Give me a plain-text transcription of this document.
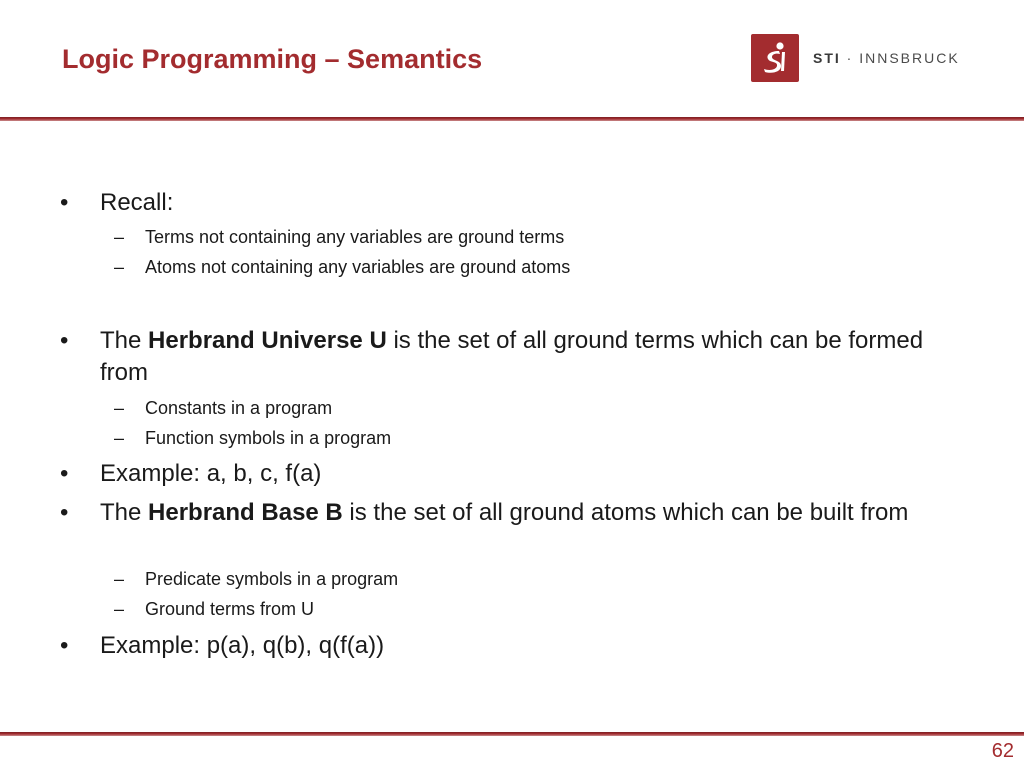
Logic Programming – Semantics	STI · INNSBRUCK
• Recall:
– Terms not containing any variables are ground terms
– Atoms not containing any variables are ground atoms
• The Herbrand Universe U is the set of all ground terms which can be formed from
– Constants in a program
– Function symbols in a program
• Example: a, b, c, f(a)
• The Herbrand Base B is the set of all ground atoms which can be built from
– Predicate symbols in a program
– Ground terms from U
• Example: p(a), q(b), q(f(a))
62
